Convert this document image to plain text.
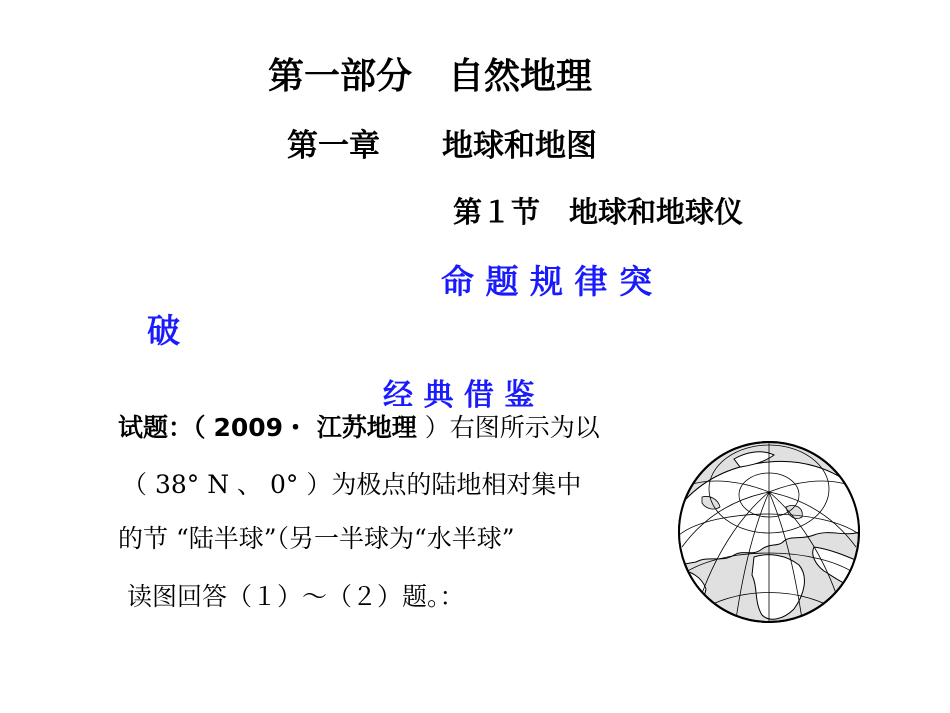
第一部分　自然地理
第一章　　地球和地图
第１节　地球和地球仪
命 题 规 律 突
破
经 典 借 鉴
试题：（ 2009・ 江苏地理 ）右图所示为以
（ 38° N 、 0° ）为极点的陆地相对集中
的节 “陆半球”（另一半球为“水半球”
读图回答（１）～（２）题。：
